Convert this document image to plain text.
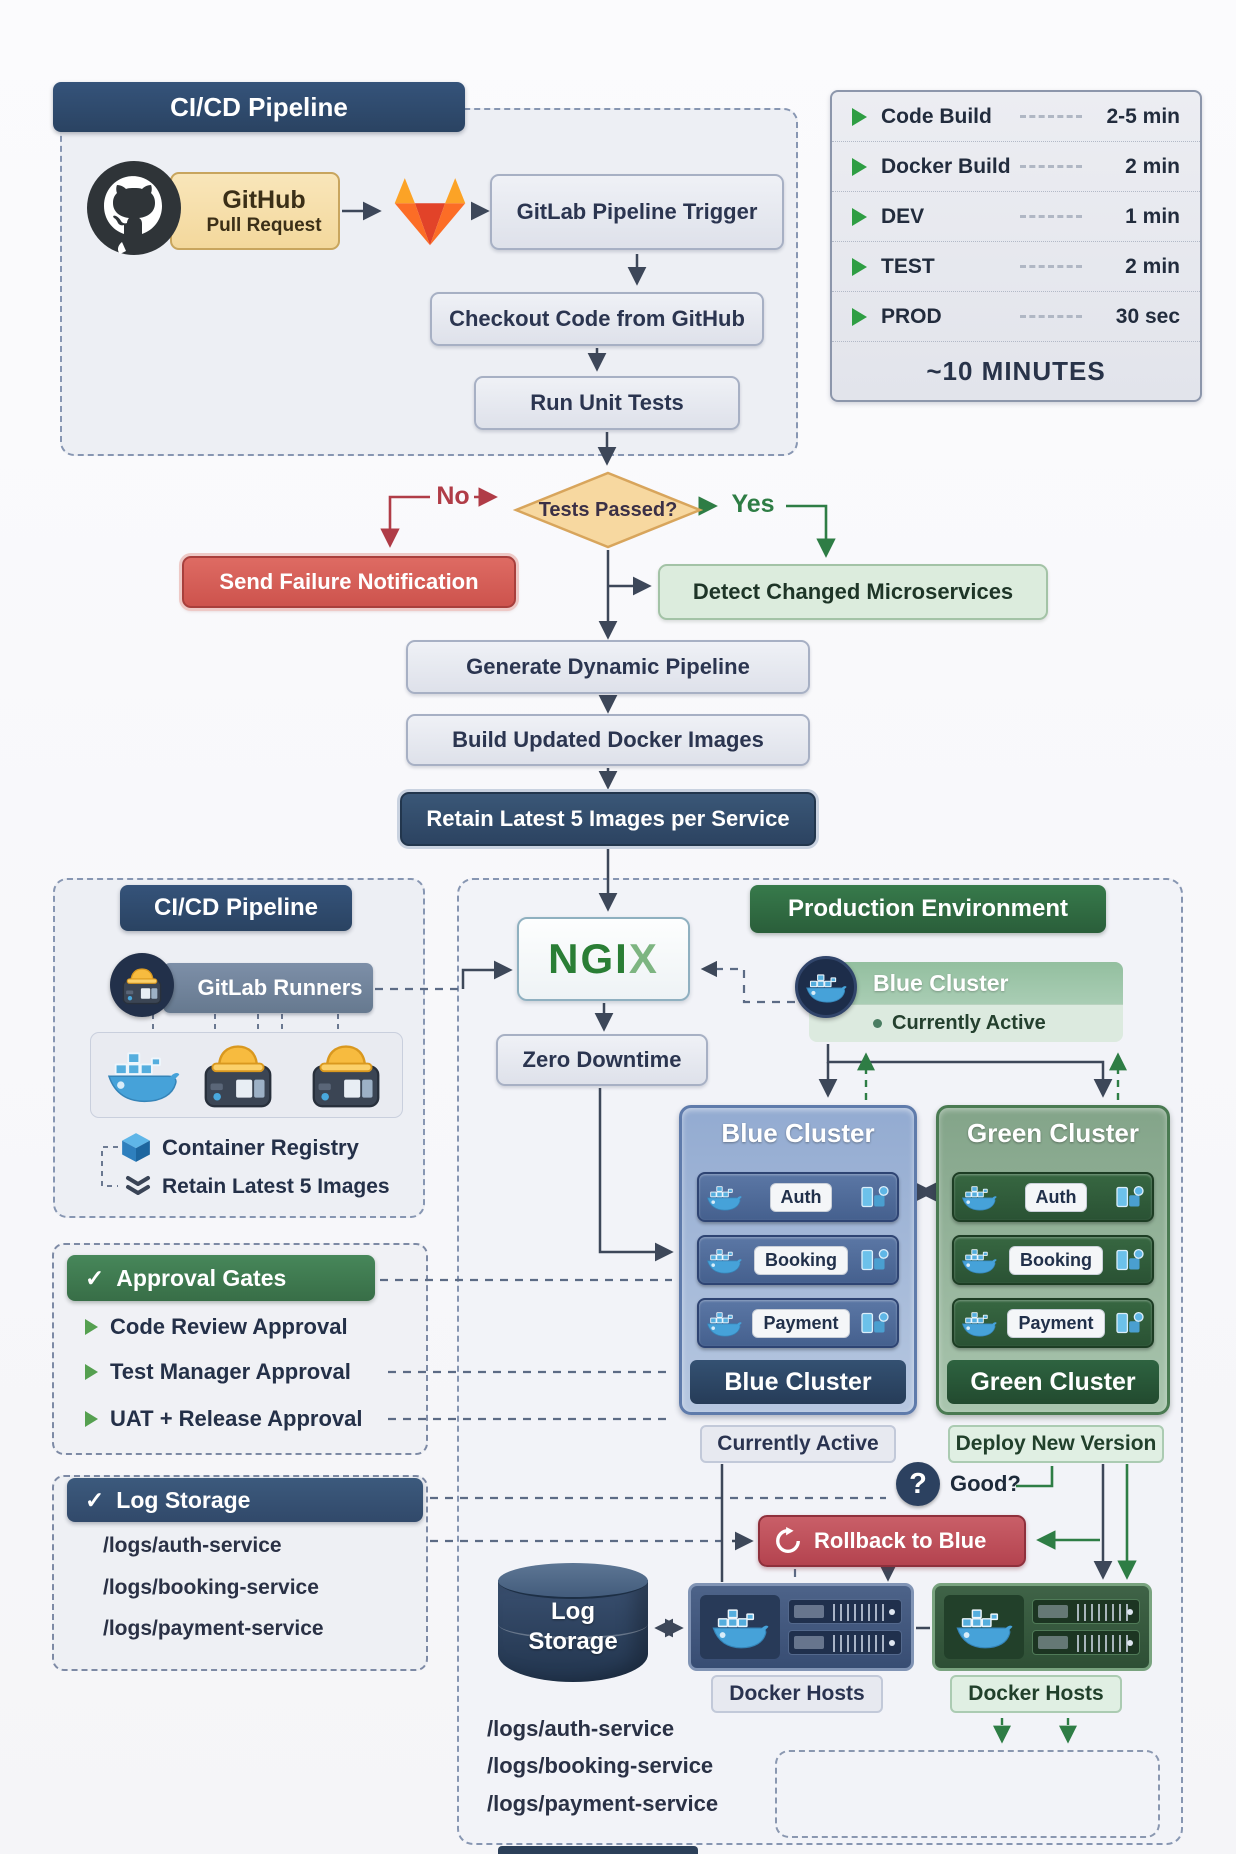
CI/CD Pipeline
GitHub
Pull Request
GitLab Pipeline Trigger
Checkout Code from GitHub
Run Unit Tests
Code Build	2-5 min
Docker Build	2 min
DEV	1 min
TEST	2 min
PROD	30 sec
~10 MINUTES
Tests Passed?
No	Yes
Send Failure Notification	Detect Changed Microservices
Generate Dynamic Pipeline
Build Updated Docker Images
Retain Latest 5 Images per Service
Production Environment
NGIX
Zero Downtime
CI/CD Pipeline
GitLab Runners
Container Registry
Retain Latest 5 Images
✓ Approval Gates
Code Review Approval
Test Manager Approval
UAT + Release Approval
✓ Log Storage
/logs/auth-service
/logs/booking-service
/logs/payment-service
Blue Cluster
Currently Active
Blue Cluster
Blue Cluster
Auth
Booking
Payment
Currently Active
Green Cluster
Green Cluster
Auth
Booking
Payment
Deploy New Version
?	Good?
Rollback to Blue
Log
Storage
Docker Hosts	Docker Hosts
/logs/auth-service
/logs/booking-service
/logs/payment-service
